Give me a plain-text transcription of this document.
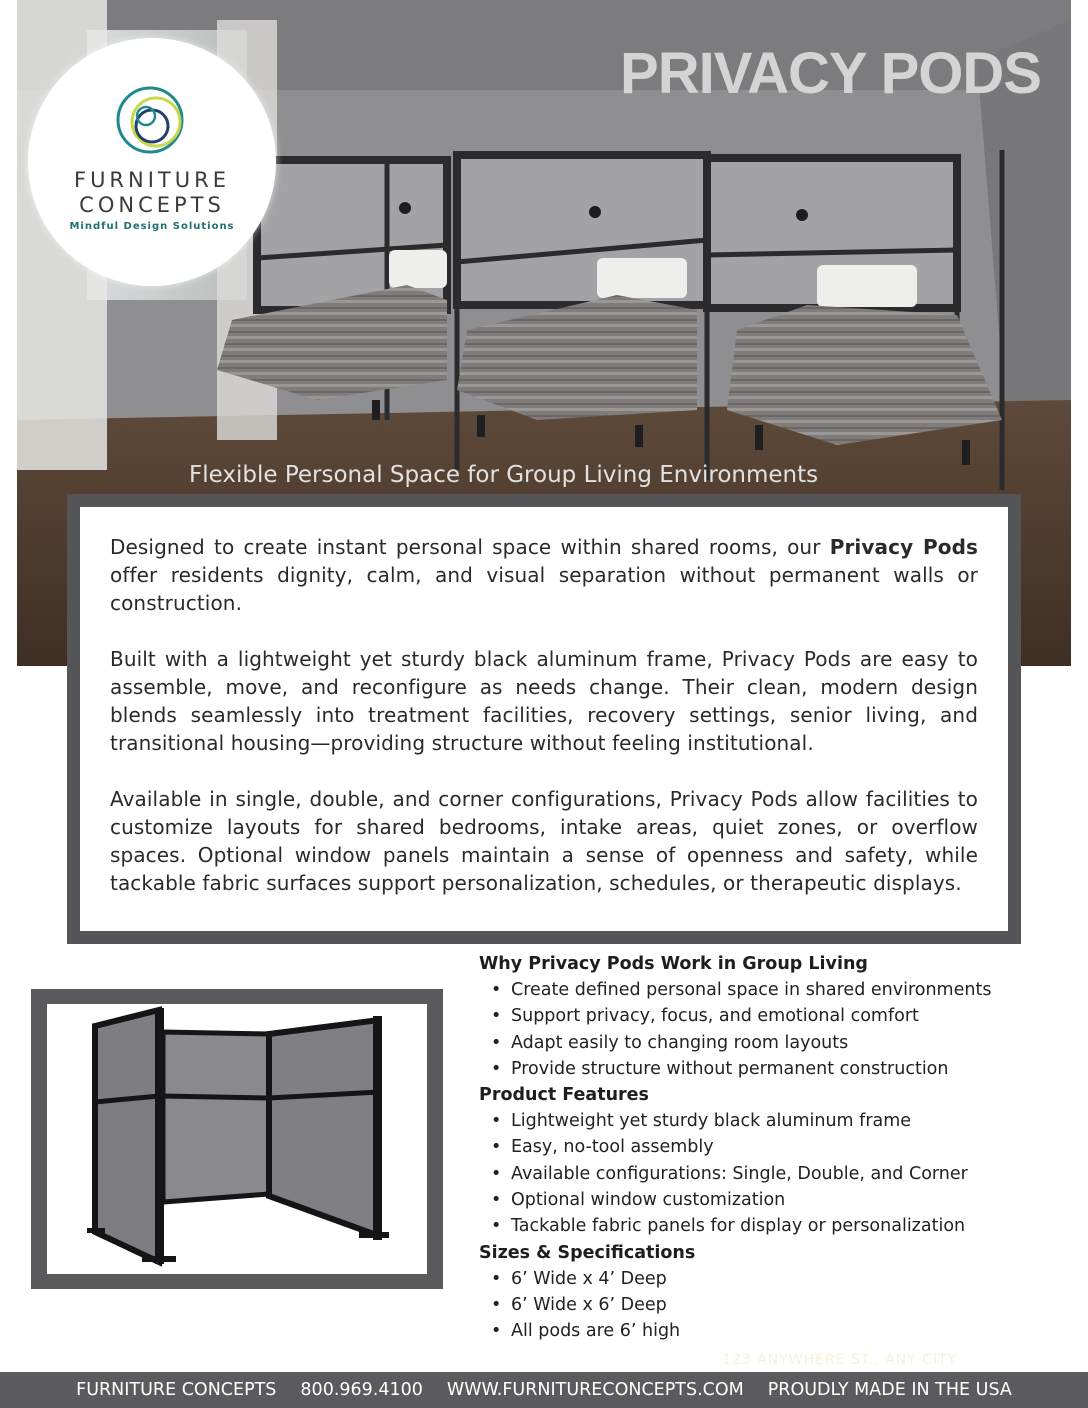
PRIVACY PODS
Flexible Personal Space for Group Living Environments
FURNITURE
CONCEPTS
Mindful Design Solutions

Designed to create instant personal space within shared rooms, our Privacy Pods offer residents dignity, calm, and visual separation without permanent walls or construction.

Built with a lightweight yet sturdy black aluminum frame, Privacy Pods are easy to assemble, move, and reconfigure as needs change. Their clean, modern design blends seamlessly into treatment facilities, recovery settings, senior living, and transitional housing—providing structure without feeling institutional.

Available in single, double, and corner configurations, Privacy Pods allow facilities to customize layouts for shared bedrooms, intake areas, quiet zones, or overflow spaces. Optional window panels maintain a sense of openness and safety, while tackable fabric surfaces support personalization, schedules, or therapeutic displays.

Why Privacy Pods Work in Group Living
• Create defined personal space in shared environments
• Support privacy, focus, and emotional comfort
• Adapt easily to changing room layouts
• Provide structure without permanent construction
Product Features
• Lightweight yet sturdy black aluminum frame
• Easy, no-tool assembly
• Available configurations: Single, Double, and Corner
• Optional window customization
• Tackable fabric panels for display or personalization
Sizes & Specifications
• 6’ Wide x 4’ Deep
• 6’ Wide x 6’ Deep
• All pods are 6’ high
123 ANYWHERE ST., ANY CITY
FURNITURE CONCEPTS 800.969.4100 WWW.FURNITURECONCEPTS.COM PROUDLY MADE IN THE USA
